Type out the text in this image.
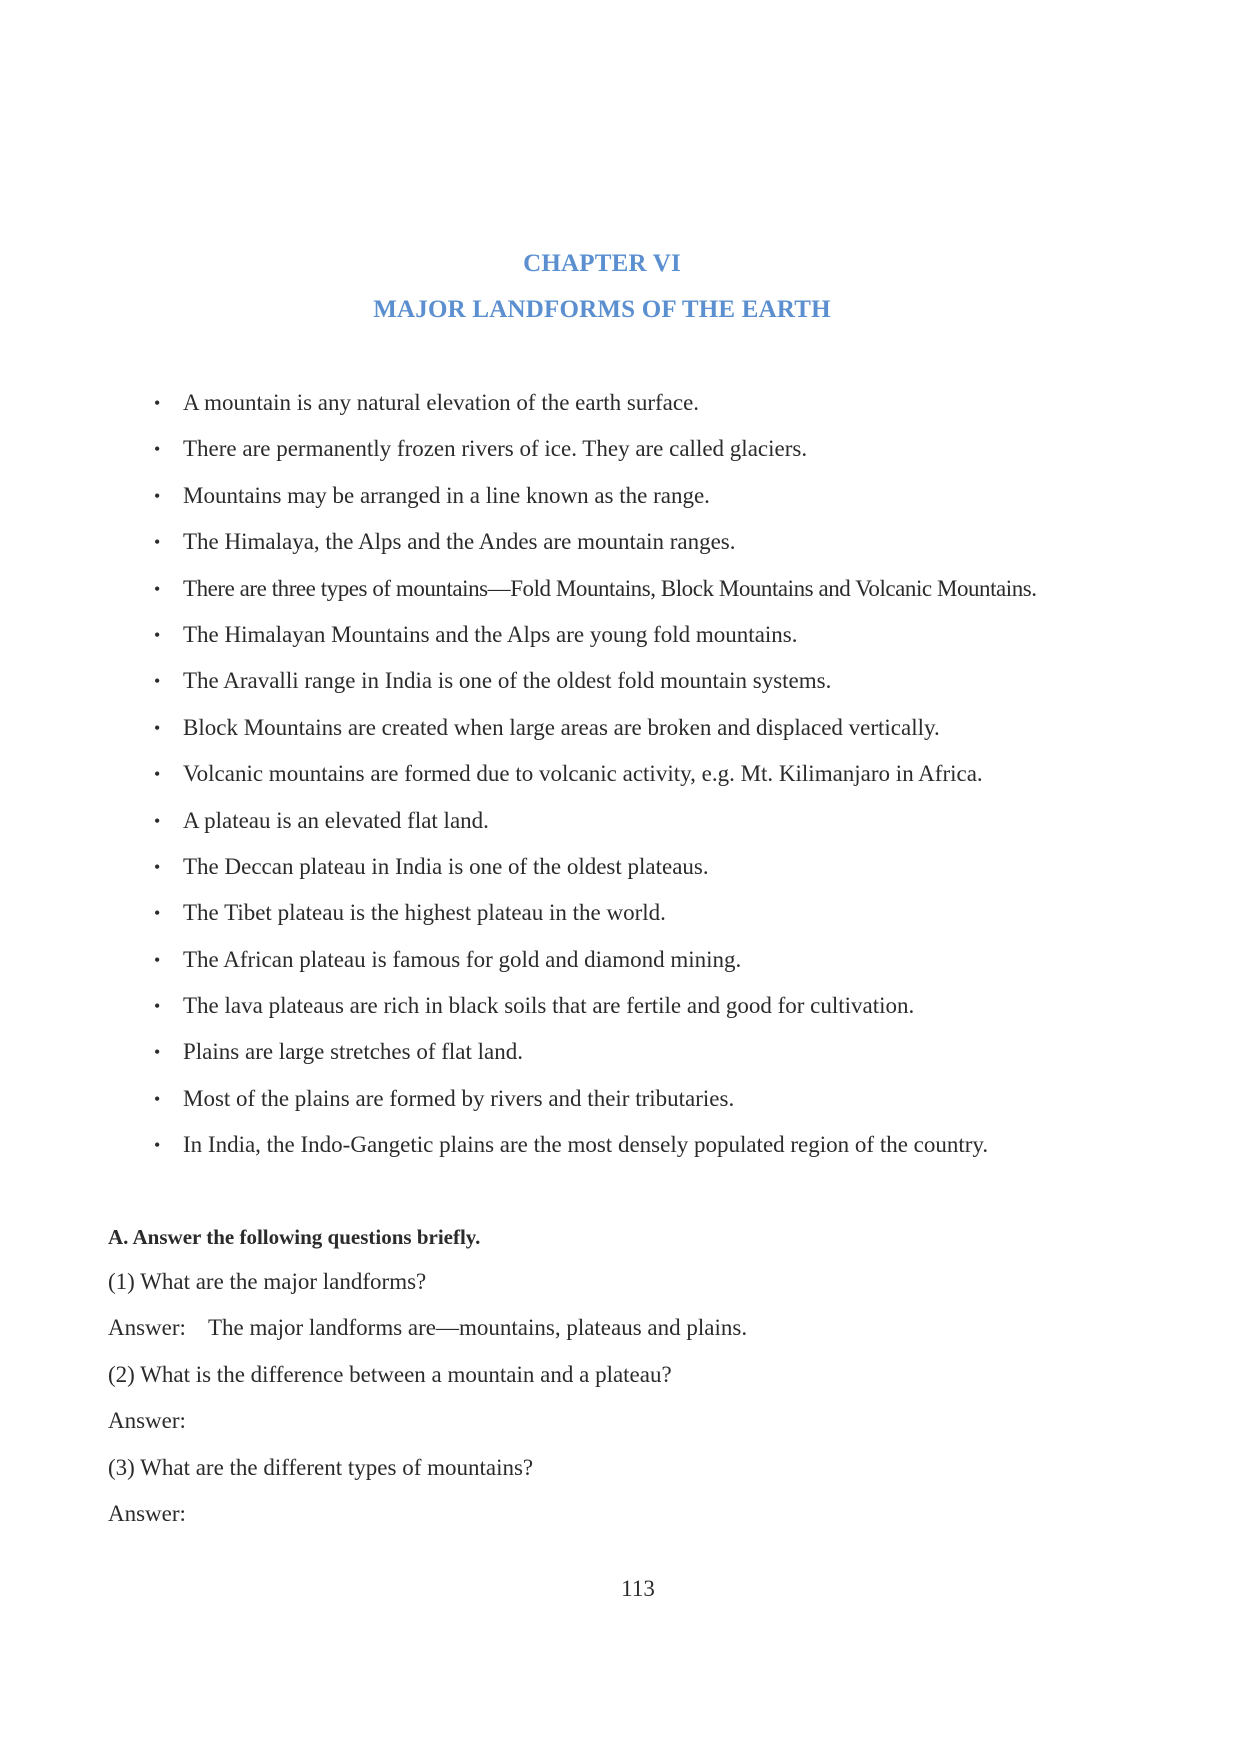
CHAPTER VI
MAJOR LANDFORMS OF THE EARTH
• A mountain is any natural elevation of the earth surface.
• There are permanently frozen rivers of ice. They are called glaciers.
• Mountains may be arranged in a line known as the range.
• The Himalaya, the Alps and the Andes are mountain ranges.
• There are three types of mountains—Fold Mountains, Block Mountains and Volcanic Mountains.
• The Himalayan Mountains and the Alps are young fold mountains.
• The Aravalli range in India is one of the oldest fold mountain systems.
• Block Mountains are created when large areas are broken and displaced vertically.
• Volcanic mountains are formed due to volcanic activity, e.g. Mt. Kilimanjaro in Africa.
• A plateau is an elevated flat land.
• The Deccan plateau in India is one of the oldest plateaus.
• The Tibet plateau is the highest plateau in the world.
• The African plateau is famous for gold and diamond mining.
• The lava plateaus are rich in black soils that are fertile and good for cultivation.
• Plains are large stretches of flat land.
• Most of the plains are formed by rivers and their tributaries.
• In India, the Indo-Gangetic plains are the most densely populated region of the country.
A. Answer the following questions briefly.
(1) What are the major landforms?
Answer: The major landforms are—mountains, plateaus and plains.
(2) What is the difference between a mountain and a plateau?
Answer:
(3) What are the different types of mountains?
Answer:
113
